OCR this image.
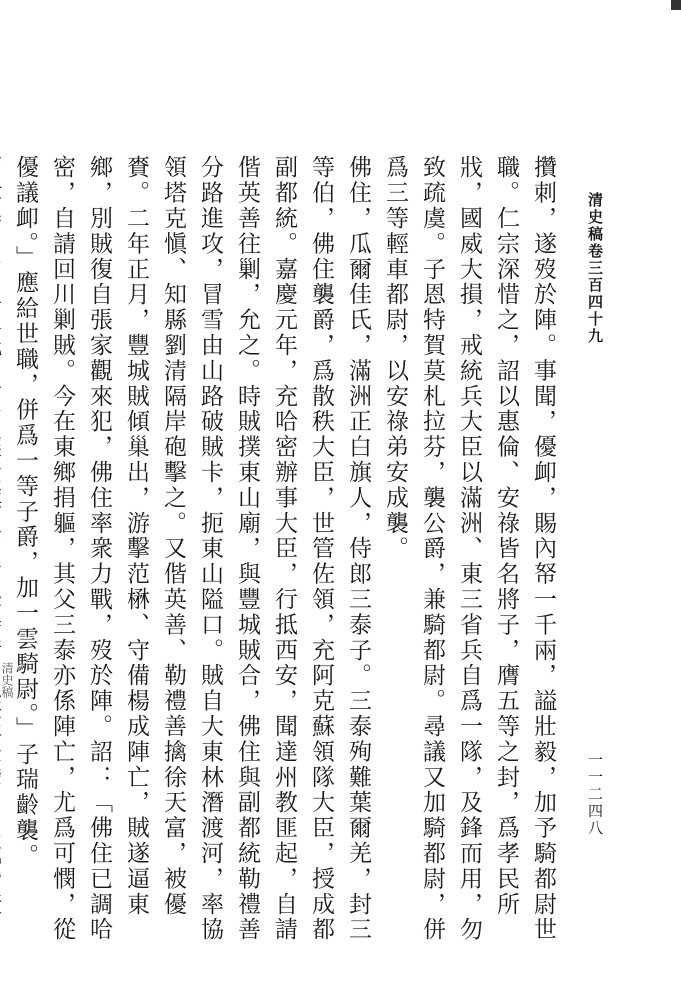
清史稿卷三百四十九
一一二四八

攢刺，遂歿於陣。事聞，優卹，賜內帑一千兩，謚壯毅，加予騎都尉世職。仁宗深惜之，詔以惠倫、安祿皆名將子，膺五等之封，爲孝民所戕，國威大損，戒統兵大臣以滿洲、東三省兵自爲一隊，及鋒而用，勿致疏虞。子恩特賀莫札拉芬，襲公爵，兼騎都尉。尋議又加騎都尉，併爲三等輕車都尉，以安祿弟安成襲。

佛住，瓜爾佳氏，滿洲正白旗人，侍郎三泰子。三泰殉難葉爾羌，封三等伯，佛住襲爵，爲散秩大臣，世管佐領，充阿克蘇領隊大臣，授成都副都統。嘉慶元年，充哈密辦事大臣，行抵西安，聞達州教匪起，自請偕英善往剿，允之。時賊撲東山廟，與豐城賊合，佛住與副都統勒禮善分路進攻，冒雪由山路破賊卡，扼東山隘口。賊自大東林潛渡河，率協領塔克愼、知縣劉清隔岸砲擊之。又偕英善、勒禮善擒徐天富，被優賚。二年正月，豐城賊傾巢出，游擊范楙、守備楊成陣亡，賊遂逼東鄉，別賊復自張家觀來犯，佛住率衆力戰，歿於陣。詔：「佛住已調哈密，自請回川剿賊。今在東鄉捐軀，其父三泰亦係陣亡，尤爲可憫，從優議卹。」應給世職，併爲一等子爵，加一雲騎尉。」子瑞齡襲。

清史稿
